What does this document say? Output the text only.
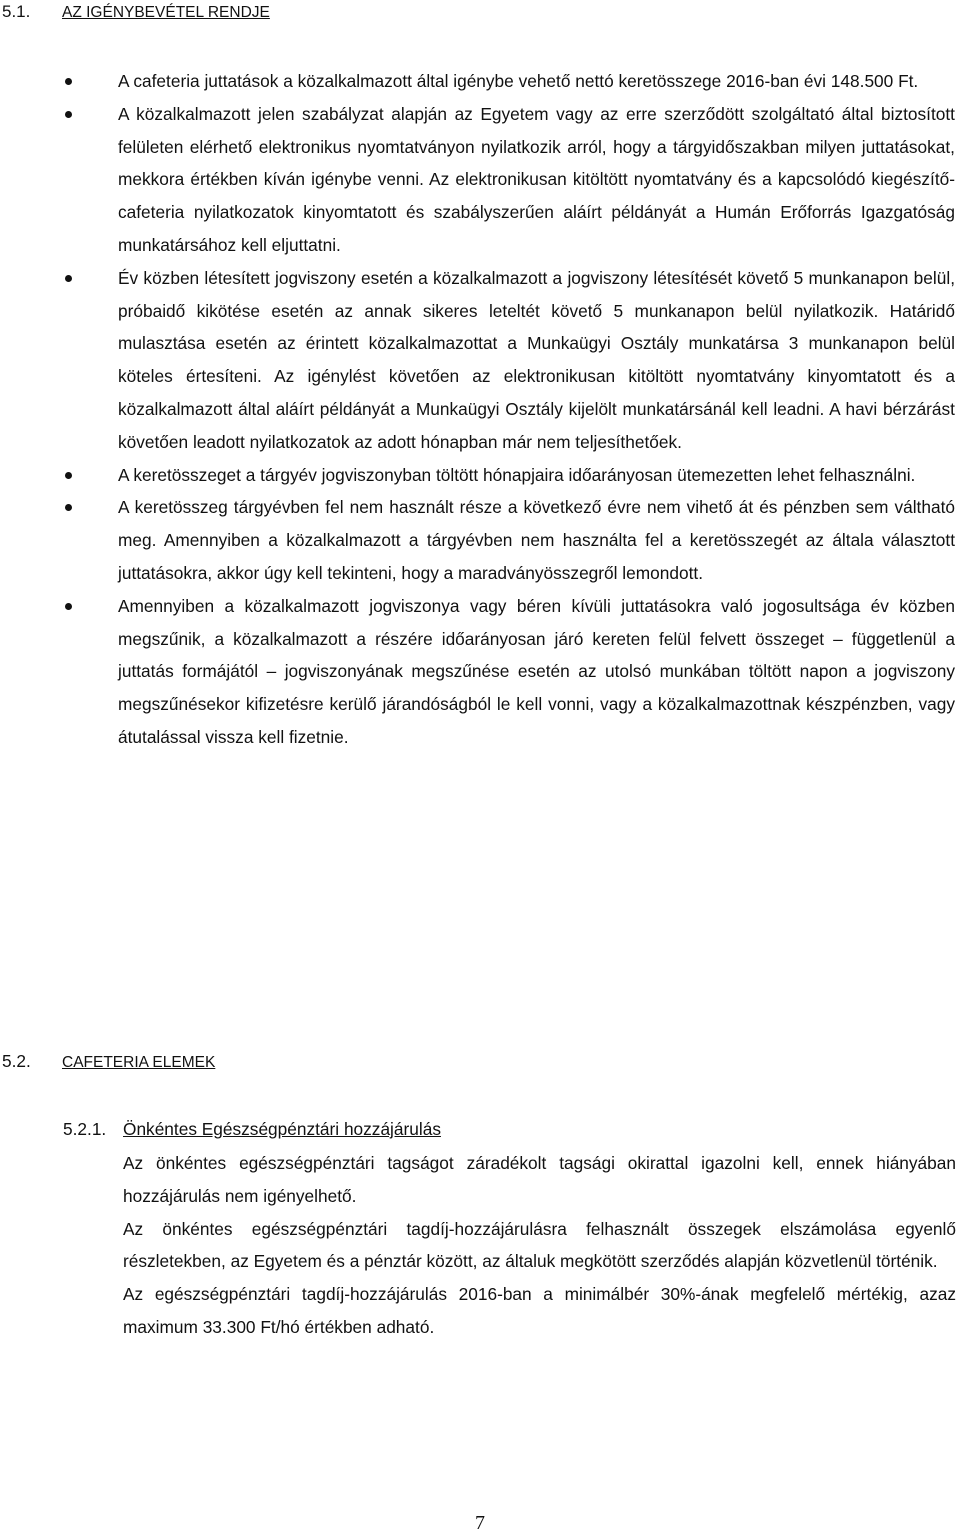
5.1. AZ IGÉNYBEVÉTEL RENDJE
A cafeteria juttatások a közalkalmazott által igénybe vehető nettó keretösszege 2016-ban évi 148.500 Ft.
A közalkalmazott jelen szabályzat alapján az Egyetem vagy az erre szerződött szolgáltató által biztosított felületen elérhető elektronikus nyomtatványon nyilatkozik arról, hogy a tárgyidőszakban milyen juttatásokat, mekkora értékben kíván igénybe venni. Az elektronikusan kitöltött nyomtatvány és a kapcsolódó kiegészítő-cafeteria nyilatkozatok kinyomtatott és szabályszerűen aláírt példányát a Humán Erőforrás Igazgatóság munkatársához kell eljuttatni.
Év közben létesített jogviszony esetén a közalkalmazott a jogviszony létesítését követő 5 munkanapon belül, próbaidő kikötése esetén az annak sikeres leteltét követő 5 munkanapon belül nyilatkozik. Határidő mulasztása esetén az érintett közalkalmazottat a Munkaügyi Osztály munkatársa 3 munkanapon belül köteles értesíteni. Az igénylést követően az elektronikusan kitöltött nyomtatvány kinyomtatott és a közalkalmazott által aláírt példányát a Munkaügyi Osztály kijelölt munkatársánál kell leadni. A havi bérzárást követően leadott nyilatkozatok az adott hónapban már nem teljesíthetőek.
A keretösszeget a tárgyév jogviszonyban töltött hónapjaira időarányosan ütemezetten lehet felhasználni.
A keretösszeg tárgyévben fel nem használt része a következő évre nem vihető át és pénzben sem váltható meg. Amennyiben a közalkalmazott a tárgyévben nem használta fel a keretösszegét az általa választott juttatásokra, akkor úgy kell tekinteni, hogy a maradványösszegről lemondott.
Amennyiben a közalkalmazott jogviszonya vagy béren kívüli juttatásokra való jogosultsága év közben megszűnik, a közalkalmazott a részére időarányosan járó kereten felül felvett összeget – függetlenül a juttatás formájától – jogviszonyának megszűnése esetén az utolsó munkában töltött napon a jogviszony megszűnésekor kifizetésre kerülő járandóságból le kell vonni, vagy a közalkalmazottnak készpénzben, vagy átutalással vissza kell fizetnie.
5.2. CAFETERIA ELEMEK
5.2.1. Önkéntes Egészségpénztári hozzájárulás

Az önkéntes egészségpénztári tagságot záradékolt tagsági okirattal igazolni kell, ennek hiányában hozzájárulás nem igényelhető.

Az önkéntes egészségpénztári tagdíj-hozzájárulásra felhasznált összegek elszámolása egyenlő részletekben, az Egyetem és a pénztár között, az általuk megkötött szerződés alapján közvetlenül történik.

Az egészségpénztári tagdíj-hozzájárulás 2016-ban a minimálbér 30%-ának megfelelő mértékig, azaz maximum 33.300 Ft/hó értékben adható.

7
